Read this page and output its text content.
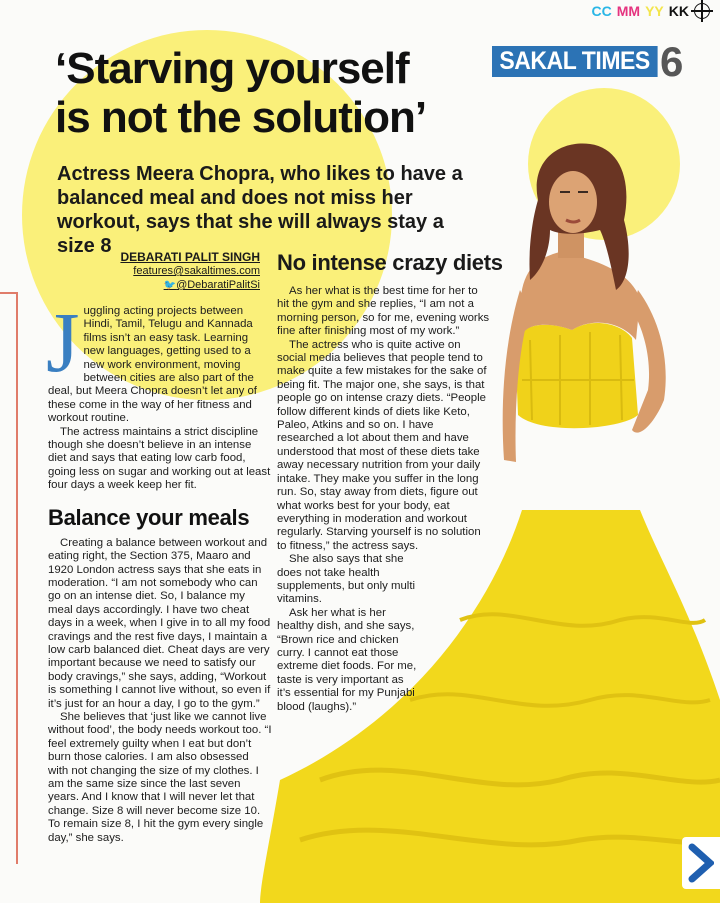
CC MM YY KK
SAKAL TIMES 6
‘Starving yourself
is not the solution’

Actress Meera Chopra, who likes to have a balanced meal and does not miss her workout, says that she will always stay a size 8 DEBARATI PALIT SINGH
features@sakaltimes.com
🐦@DebaratiPalitSi

Juggling acting projects between Hindi, Tamil, Telugu and Kannada films isn’t an easy task. Learning new languages, getting used to a new work environment, moving between cities are also part of the deal, but Meera Chopra doesn’t let any of these come in the way of her fitness and workout routine.

The actress maintains a strict discipline though she doesn’t believe in an intense diet and says that eating low carb food, going less on sugar and working out at least four days a week keep her fit.

Balance your meals

Creating a balance between workout and eating right, the Section 375, Maaro and 1920 London actress says that she eats in moderation. “I am not somebody who can go on an intense diet. So, I balance my meal days accordingly. I have two cheat days in a week, when I give in to all my food cravings and the rest five days, I maintain a low carb balanced diet. Cheat days are very important because we need to satisfy our body cravings,” she says, adding, “Workout is something I cannot live without, so even if it’s just for an hour a day, I go to the gym.”

She believes that ‘just like we cannot live without food’, the body needs workout too. “I feel extremely guilty when I eat but don’t burn those calories. I am also obsessed with not changing the size of my clothes. I am the same size since the last seven years. And I know that I will never let that change. Size 8 will never become size 10. To remain size 8, I hit the gym every single day,” she says.

No intense crazy diets

As her what is the best time for her to hit the gym and she replies, “I am not a morning person, so for me, evening works fine after finishing most of my work.”

The actress who is quite active on social media believes that people tend to make quite a few mistakes for the sake of being fit. The major one, she says, is that people go on intense crazy diets. “People follow different kinds of diets like Keto, Paleo, Atkins and so on. I have researched a lot about them and have understood that most of these diets take away necessary nutrition from your daily intake. They make you suffer in the long run. So, stay away from diets, figure out what works best for your body, eat everything in moderation and workout regularly. Starving yourself is no solution to fitness,” the actress says.

She also says that she does not take health supplements, but only multi vitamins.

Ask her what is her healthy dish, and she says, “Brown rice and chicken curry. I cannot eat those extreme diet foods. For me, taste is very important as it’s essential for my Punjabi blood (laughs).”
